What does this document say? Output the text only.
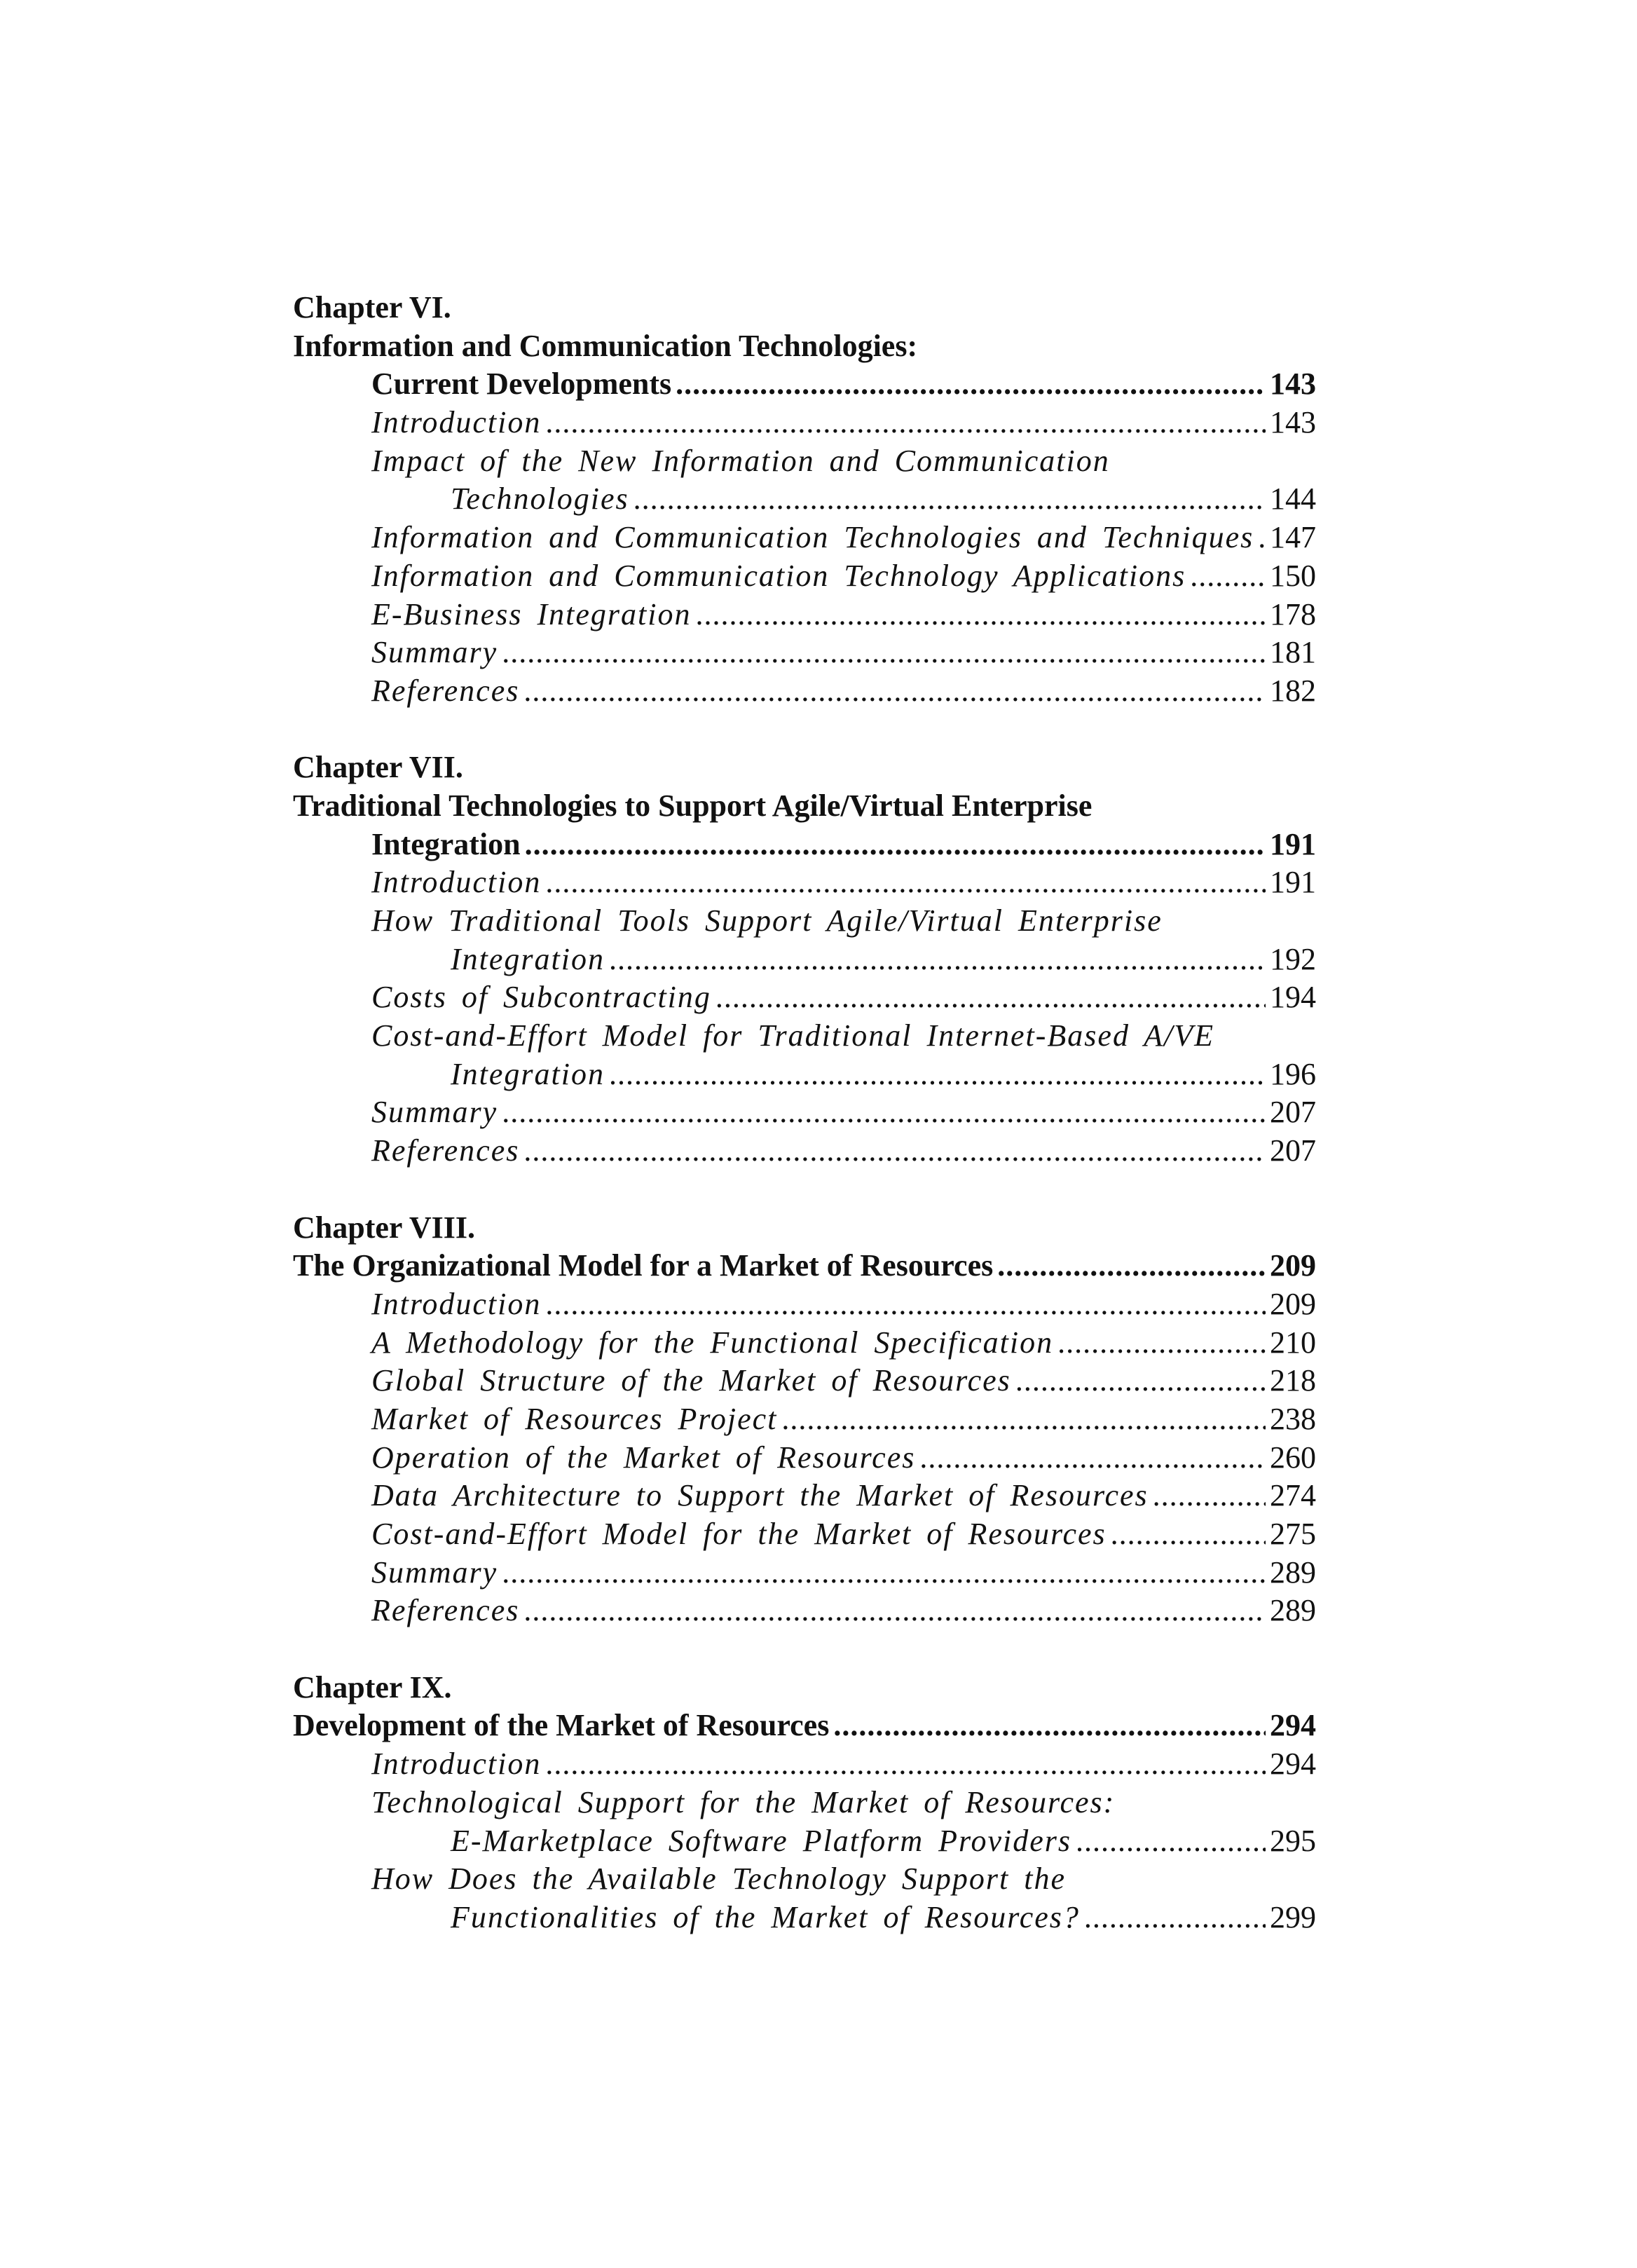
Chapter VI.
Information and Communication Technologies:
Current Developments .....	143
Introduction .....	143
Impact of the New Information and Communication
Technologies .....	144
Information and Communication Technologies and Techniques ..... 147
Information and Communication Technology Applications .....	150
E-Business Integration .....	178
Summary .....	181
References .....	182
Chapter VII.
Traditional Technologies to Support Agile/Virtual Enterprise
Integration .....	191
Introduction .....	191
How Traditional Tools Support Agile/Virtual Enterprise
Integration .....	192
Costs of Subcontracting .....	194
Cost-and-Effort Model for Traditional Internet-Based A/VE
Integration .....	196
Summary .....	207
References .....	207
Chapter VIII.
The Organizational Model for a Market of Resources .....	209
Introduction .....	209
A Methodology for the Functional Specification .....	210
Global Structure of the Market of Resources .....	218
Market of Resources Project .....	238
Operation of the Market of Resources .....	260
Data Architecture to Support the Market of Resources .....	274
Cost-and-Effort Model for the Market of Resources .....	275
Summary .....	289
References .....	289
Chapter IX.
Development of the Market of Resources .....	294
Introduction .....	294
Technological Support for the Market of Resources:
E-Marketplace Software Platform Providers .....	295
How Does the Available Technology Support the
Functionalities of the Market of Resources? .....	299
